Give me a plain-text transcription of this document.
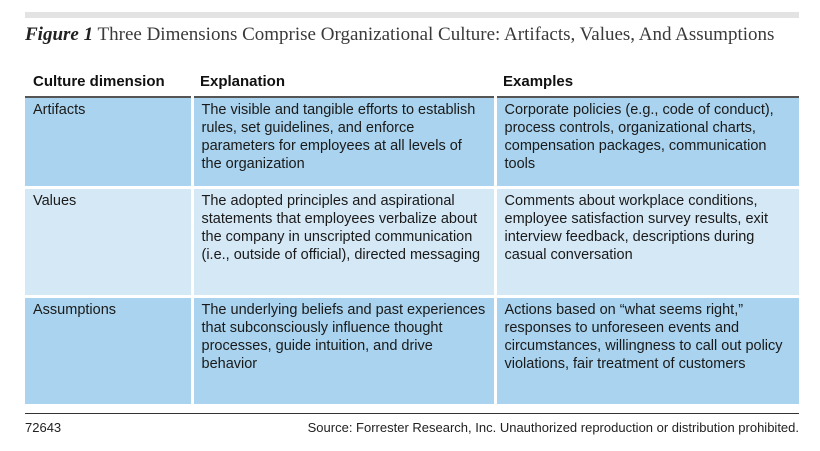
Figure 1 Three Dimensions Comprise Organizational Culture: Artifacts, Values, And Assumptions
Culture dimension	Explanation	Examples
Artifacts	The visible and tangible efforts to establish rules, set guidelines, and enforce parameters for employees at all levels of the organization	Corporate policies (e.g., code of conduct), process controls, organizational charts, compensation packages, communication tools
Values	The adopted principles and aspirational statements that employees verbalize about the company in unscripted communication (i.e., outside of official), directed messaging	Comments about workplace conditions, employee satisfaction survey results, exit interview feedback, descriptions during casual conversation
Assumptions	The underlying beliefs and past experiences that subconsciously influence thought processes, guide intuition, and drive behavior	Actions based on “what seems right,” responses to unforeseen events and circumstances, willingness to call out policy violations, fair treatment of customers
72643	Source: Forrester Research, Inc. Unauthorized reproduction or distribution prohibited.
